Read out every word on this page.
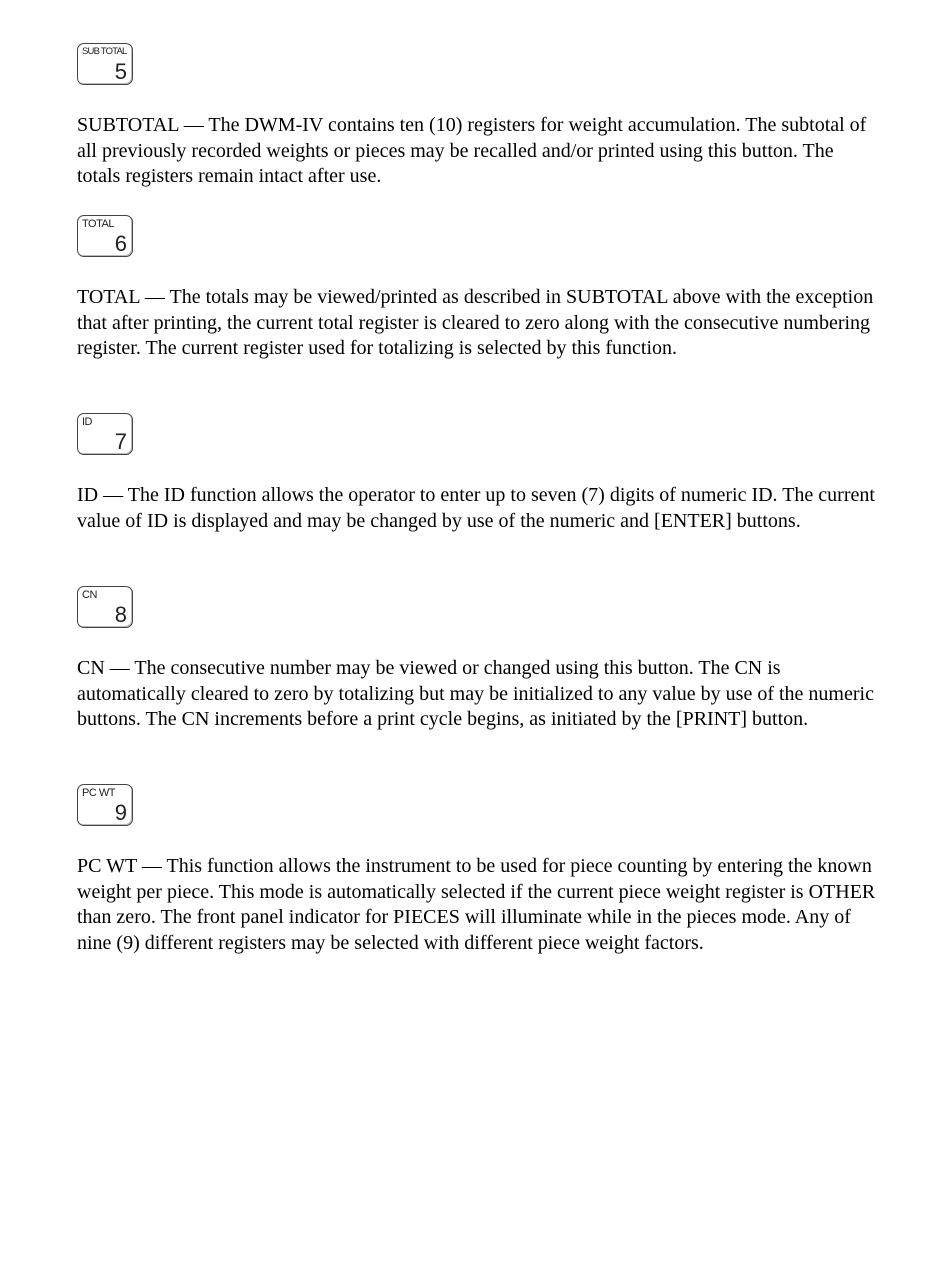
SUB TOTAL
5

SUBTOTAL — The DWM-IV contains ten (10) registers for weight accumulation. The subtotal of all previously recorded weights or pieces may be recalled and/or printed using this button. The totals registers remain intact after use.

TOTAL
6

TOTAL — The totals may be viewed/printed as described in SUBTOTAL above with the exception that after printing, the current total register is cleared to zero along with the consecutive numbering register. The current register used for totalizing is selected by this function.

ID
7

ID — The ID function allows the operator to enter up to seven (7) digits of numeric ID. The current value of ID is displayed and may be changed by use of the numeric and [ENTER] buttons.

CN
8

CN — The consecutive number may be viewed or changed using this button. The CN is automatically cleared to zero by totalizing but may be initialized to any value by use of the numeric buttons. The CN increments before a print cycle begins, as initiated by the [PRINT] button.

PC WT
9

PC WT — This function allows the instrument to be used for piece counting by entering the known weight per piece. This mode is automatically selected if the current piece weight register is OTHER than zero. The front panel indicator for PIECES will illuminate while in the pieces mode. Any of nine (9) different registers may be selected with different piece weight factors.
